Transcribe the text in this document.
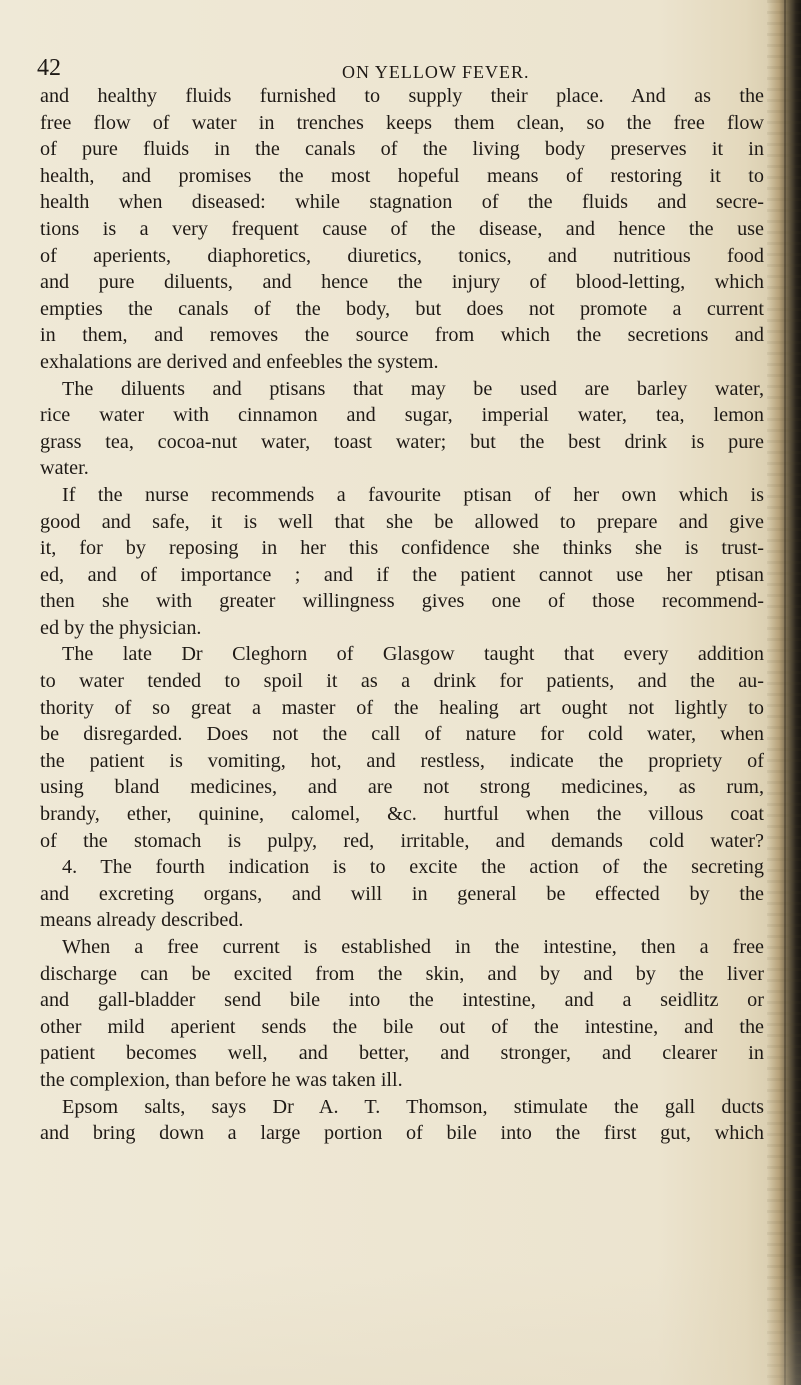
42	ON YELLOW FEVER.
and healthy fluids furnished to supply their place. And as the
free flow of water in trenches keeps them clean, so the free flow
of pure fluids in the canals of the living body preserves it in
health, and promises the most hopeful means of restoring it to
health when diseased: while stagnation of the fluids and secre-
tions is a very frequent cause of the disease, and hence the use
of aperients, diaphoretics, diuretics, tonics, and nutritious food
and pure diluents, and hence the injury of blood-letting, which
empties the canals of the body, but does not promote a current
in them, and removes the source from which the secretions and
exhalations are derived and enfeebles the system.
The diluents and ptisans that may be used are barley water,
rice water with cinnamon and sugar, imperial water, tea, lemon
grass tea, cocoa-nut water, toast water; but the best drink is pure
water.
If the nurse recommends a favourite ptisan of her own which is
good and safe, it is well that she be allowed to prepare and give
it, for by reposing in her this confidence she thinks she is trust-
ed, and of importance ; and if the patient cannot use her ptisan
then she with greater willingness gives one of those recommend-
ed by the physician.
The late Dr Cleghorn of Glasgow taught that every addition
to water tended to spoil it as a drink for patients, and the au-
thority of so great a master of the healing art ought not lightly to
be disregarded. Does not the call of nature for cold water, when
the patient is vomiting, hot, and restless, indicate the propriety of
using bland medicines, and are not strong medicines, as rum,
brandy, ether, quinine, calomel, &c. hurtful when the villous coat
of the stomach is pulpy, red, irritable, and demands cold water?
4. The fourth indication is to excite the action of the secreting
and excreting organs, and will in general be effected by the
means already described.
When a free current is established in the intestine, then a free
discharge can be excited from the skin, and by and by the liver
and gall-bladder send bile into the intestine, and a seidlitz or
other mild aperient sends the bile out of the intestine, and the
patient becomes well, and better, and stronger, and clearer in
the complexion, than before he was taken ill.
Epsom salts, says Dr A. T. Thomson, stimulate the gall ducts
and bring down a large portion of bile into the first gut, which
